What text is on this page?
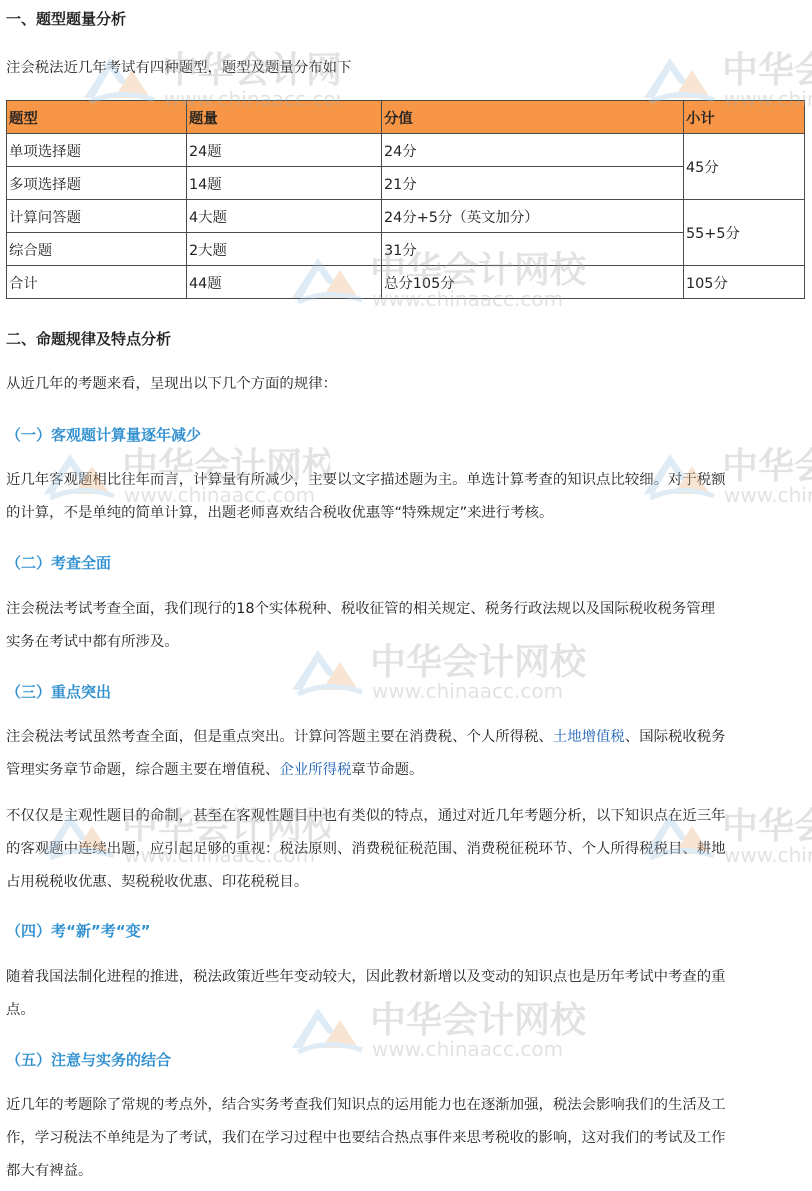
一、题型题量分析
注会税法近几年考试有四种题型，题型及题量分布如下
题型	题量	分值	小计
单项选择题	24题	24分	45分
多项选择题	14题	21分	
计算问答题	4大题	24分+5分（英文加分）	55+5分
综合题	2大题	31分	
合计	44题	总分105分	105分
二、命题规律及特点分析
从近几年的考题来看，呈现出以下几个方面的规律：
（一）客观题计算量逐年减少
近几年客观题相比往年而言，计算量有所减少，主要以文字描述题为主。单选计算考查的知识点比较细。对于税额
的计算，不是单纯的简单计算，出题老师喜欢结合税收优惠等“特殊规定”来进行考核。
（二）考查全面
注会税法考试考查全面，我们现行的18个实体税种、税收征管的相关规定、税务行政法规以及国际税收税务管理
实务在考试中都有所涉及。
（三）重点突出
注会税法考试虽然考查全面，但是重点突出。计算问答题主要在消费税、个人所得税、土地增值税、国际税收税务
管理实务章节命题，综合题主要在增值税、企业所得税章节命题。
不仅仅是主观性题目的命制，甚至在客观性题目中也有类似的特点，通过对近几年考题分析，以下知识点在近三年
的客观题中连续出题，应引起足够的重视：税法原则、消费税征税范围、消费税征税环节、个人所得税税目、耕地
占用税税收优惠、契税税收优惠、印花税税目。
（四）考“新”考“变”
随着我国法制化进程的推进，税法政策近些年变动较大，因此教材新增以及变动的知识点也是历年考试中考查的重
点。
（五）注意与实务的结合
近几年的考题除了常规的考点外，结合实务考查我们知识点的运用能力也在逐渐加强，税法会影响我们的生活及工
作，学习税法不单纯是为了考试，我们在学习过程中也要结合热点事件来思考税收的影响，这对我们的考试及工作
都大有裨益。
